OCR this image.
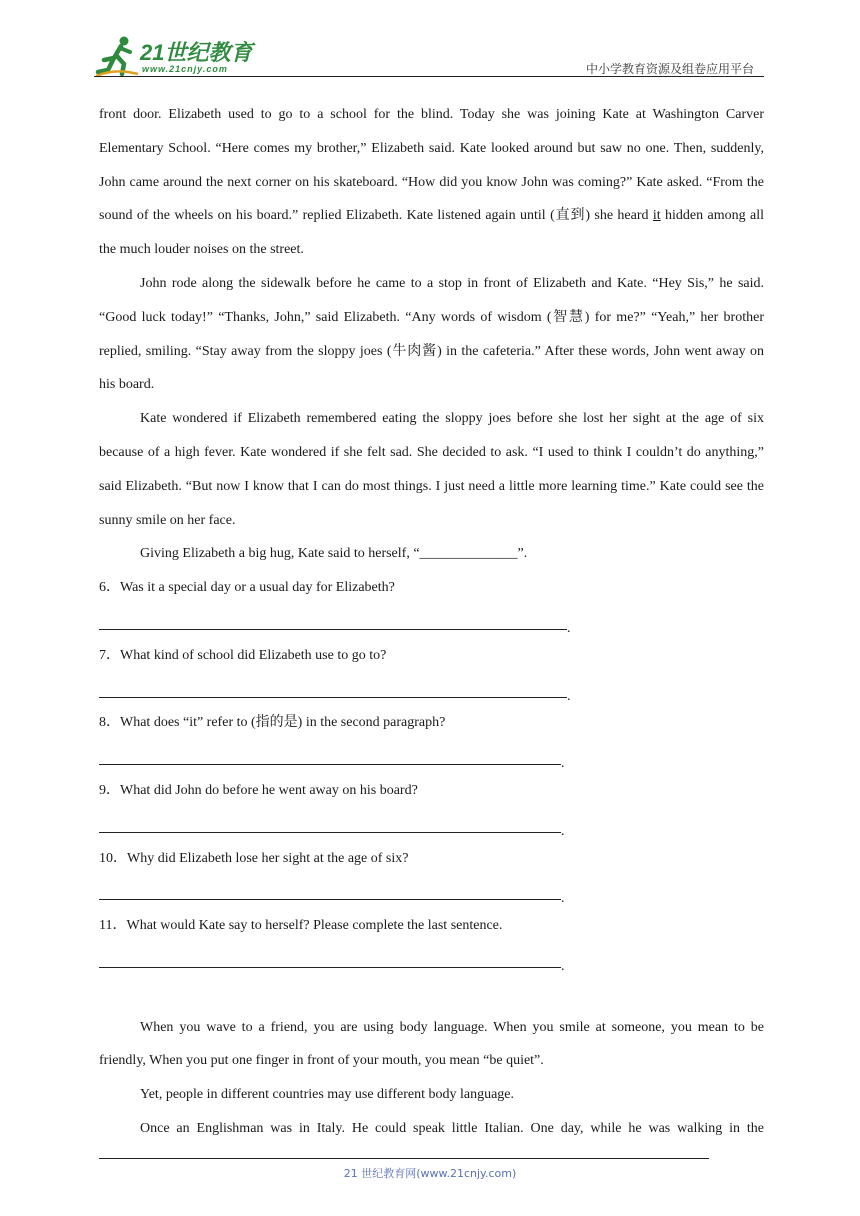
21世纪教育
www.21cnjy.com	中小学教育资源及组卷应用平台

front door. Elizabeth used to go to a school for the blind. Today she was joining Kate at Washington Carver Elementary School. “Here comes my brother,” Elizabeth said. Kate looked around but saw no one. Then, suddenly, John came around the next corner on his skateboard. “How did you know John was coming?” Kate asked. “From the sound of the wheels on his board.” replied Elizabeth. Kate listened again until (直到) she heard it hidden among all the much louder noises on the street.

John rode along the sidewalk before he came to a stop in front of Elizabeth and Kate. “Hey Sis,” he said. “Good luck today!” “Thanks, John,” said Elizabeth. “Any words of wisdom (智慧) for me?” “Yeah,” her brother replied, smiling. “Stay away from the sloppy joes (牛肉酱) in the cafeteria.” After these words, John went away on his board.

Kate wondered if Elizabeth remembered eating the sloppy joes before she lost her sight at the age of six because of a high fever. Kate wondered if she felt sad. She decided to ask. “I used to think I couldn’t do anything,” said Elizabeth. “But now I know that I can do most things. I just need a little more learning time.” Kate could see the sunny smile on her face.

Giving Elizabeth a big hug, Kate said to herself, “______________”.

6．Was it a special day or a usual day for Elizabeth?

.

7．What kind of school did Elizabeth use to go to?

.

8．What does “it” refer to (指的是) in the second paragraph?

.

9．What did John do before he went away on his board?

.

10．Why did Elizabeth lose her sight at the age of six?

.

11．What would Kate say to herself? Please complete the last sentence.

.

When you wave to a friend, you are using body language. When you smile at someone, you mean to be friendly, When you put one finger in front of your mouth, you mean “be quiet”.

Yet, people in different countries may use different body language.

Once an Englishman was in Italy. He could speak little Italian. One day, while he was walking in the

21 世纪教育网(www.21cnjy.com)
